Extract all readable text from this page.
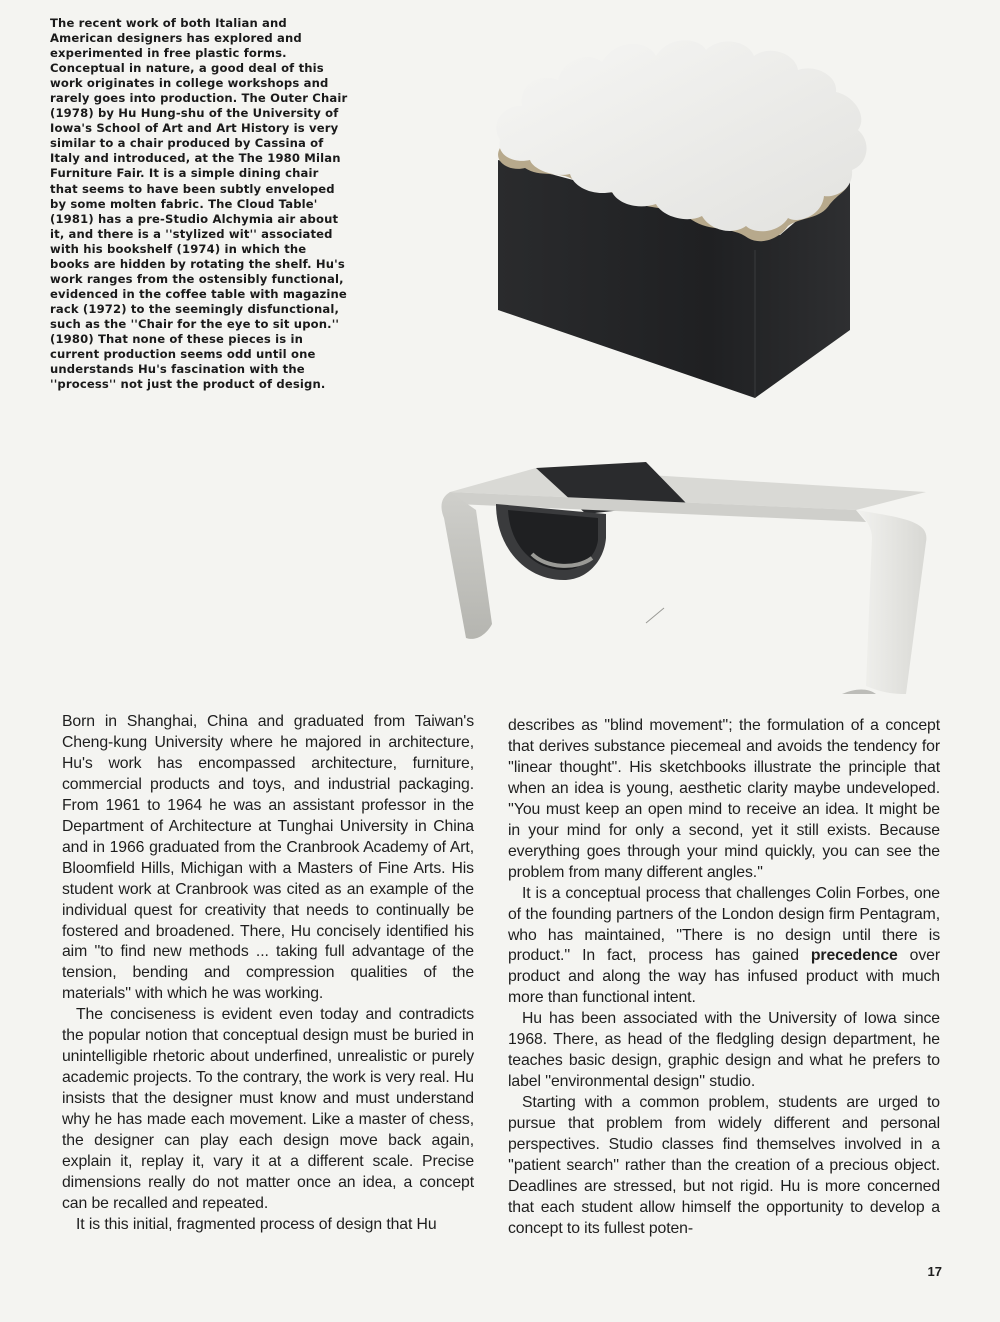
The recent work of both Italian and American designers has explored and experimented in free plastic forms. Conceptual in nature, a good deal of this work originates in college workshops and rarely goes into production. The Outer Chair (1978) by Hu Hung-shu of the University of Iowa's School of Art and Art History is very similar to a chair produced by Cassina of Italy and introduced, at the The 1980 Milan Furniture Fair. It is a simple dining chair that seems to have been subtly enveloped by some molten fabric. The Cloud Table' (1981) has a pre-Studio Alchymia air about it, and there is a ''stylized wit'' associated with his bookshelf (1974) in which the books are hidden by rotating the shelf. Hu's work ranges from the ostensibly functional, evidenced in the coffee table with magazine rack (1972) to the seemingly disfunctional, such as the ''Chair for the eye to sit upon.'' (1980) That none of these pieces is in current production seems odd until one understands Hu's fascination with the ''process'' not just the product of design.

Born in Shanghai, China and graduated from Taiwan's Cheng-kung University where he majored in architecture, Hu's work has encompassed architecture, furniture, commercial products and toys, and industrial packaging. From 1961 to 1964 he was an assistant professor in the Department of Architecture at Tunghai University in China and in 1966 graduated from the Cranbrook Academy of Art, Bloomfield Hills, Michigan with a Masters of Fine Arts. His student work at Cranbrook was cited as an example of the individual quest for creativity that needs to continually be fostered and broadened. There, Hu concisely identified his aim ''to find new methods ... taking full advantage of the tension, bending and compression qualities of the materials'' with which he was working.

The conciseness is evident even today and contradicts the popular notion that conceptual design must be buried in unintelligible rhetoric about underfined, unrealistic or purely academic projects. To the contrary, the work is very real. Hu insists that the designer must know and must understand why he has made each movement. Like a master of chess, the designer can play each design move back again, explain it, replay it, vary it at a different scale. Precise dimensions really do not matter once an idea, a concept can be recalled and repeated.

It is this initial, fragmented process of design that Hu

describes as ''blind movement''; the formulation of a concept that derives substance piecemeal and avoids the tendency for ''linear thought''. His sketchbooks illustrate the principle that when an idea is young, aesthetic clarity maybe undeveloped. ''You must keep an open mind to receive an idea. It might be in your mind for only a second, yet it still exists. Because everything goes through your mind quickly, you can see the problem from many different angles.''

It is a conceptual process that challenges Colin Forbes, one of the founding partners of the London design firm Pentagram, who has maintained, ''There is no design until there is product.'' In fact, process has gained precedence over product and along the way has infused product with much more than functional intent.

Hu has been associated with the University of Iowa since 1968. There, as head of the fledgling design department, he teaches basic design, graphic design and what he prefers to label ''environmental design'' studio.

Starting with a common problem, students are urged to pursue that problem from widely different and personal perspectives. Studio classes find themselves involved in a ''patient search'' rather than the creation of a precious object. Deadlines are stressed, but not rigid. Hu is more concerned that each student allow himself the opportunity to develop a concept to its fullest poten-

17
